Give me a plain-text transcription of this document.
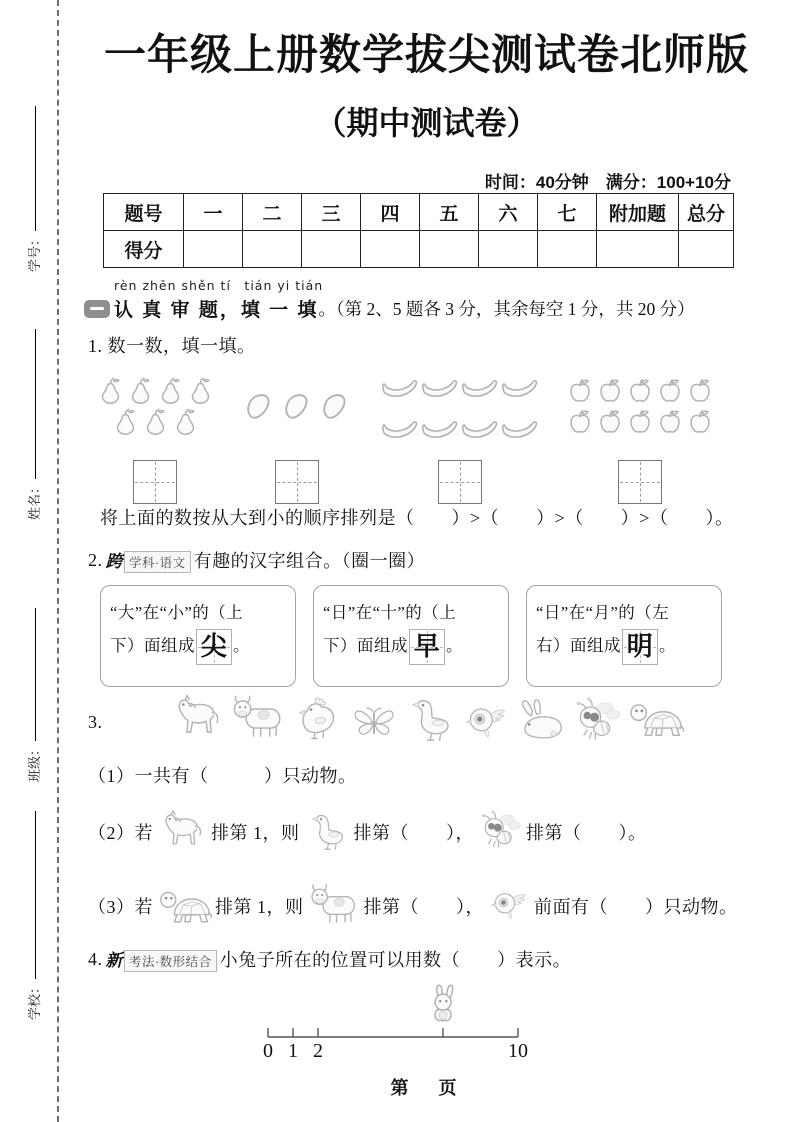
学号：
姓名：
班级：
学校：
一年级上册数学拔尖测试卷北师版
（期中测试卷）
时间：40分钟　满分：100+10分
题号	一	二	三	四	五	六	七	附加题	总分
得分									
rèn zhēn shěn tí　tián yi tián
认 真 审 题，填 一 填 。（第 2、5 题各 3 分，其余每空 1 分，共 20 分）
1. 数一数，填一填。
将上面的数按从大到小的顺序排列是（　　）>（　　）>（　　）>（　　）。
2. 跨 学科·语文 有趣的汉字组合。（圈一圈）
“大”在“小”的（上
下）面组成 尖 。
“日”在“十”的（上
下）面组成 早 。
“日”在“月”的（左
右）面组成 明 。
3.
（1）一共有（　　　）只动物。
（2）若	排第 1，则	排第（　　），	排第（　　）。
（3）若	排第 1，则	排第（　　），	前面有（　　）只动物。
4. 新 考法·数形结合 小兔子所在的位置可以用数（　　）表示。
0 1 2	10
第　页
